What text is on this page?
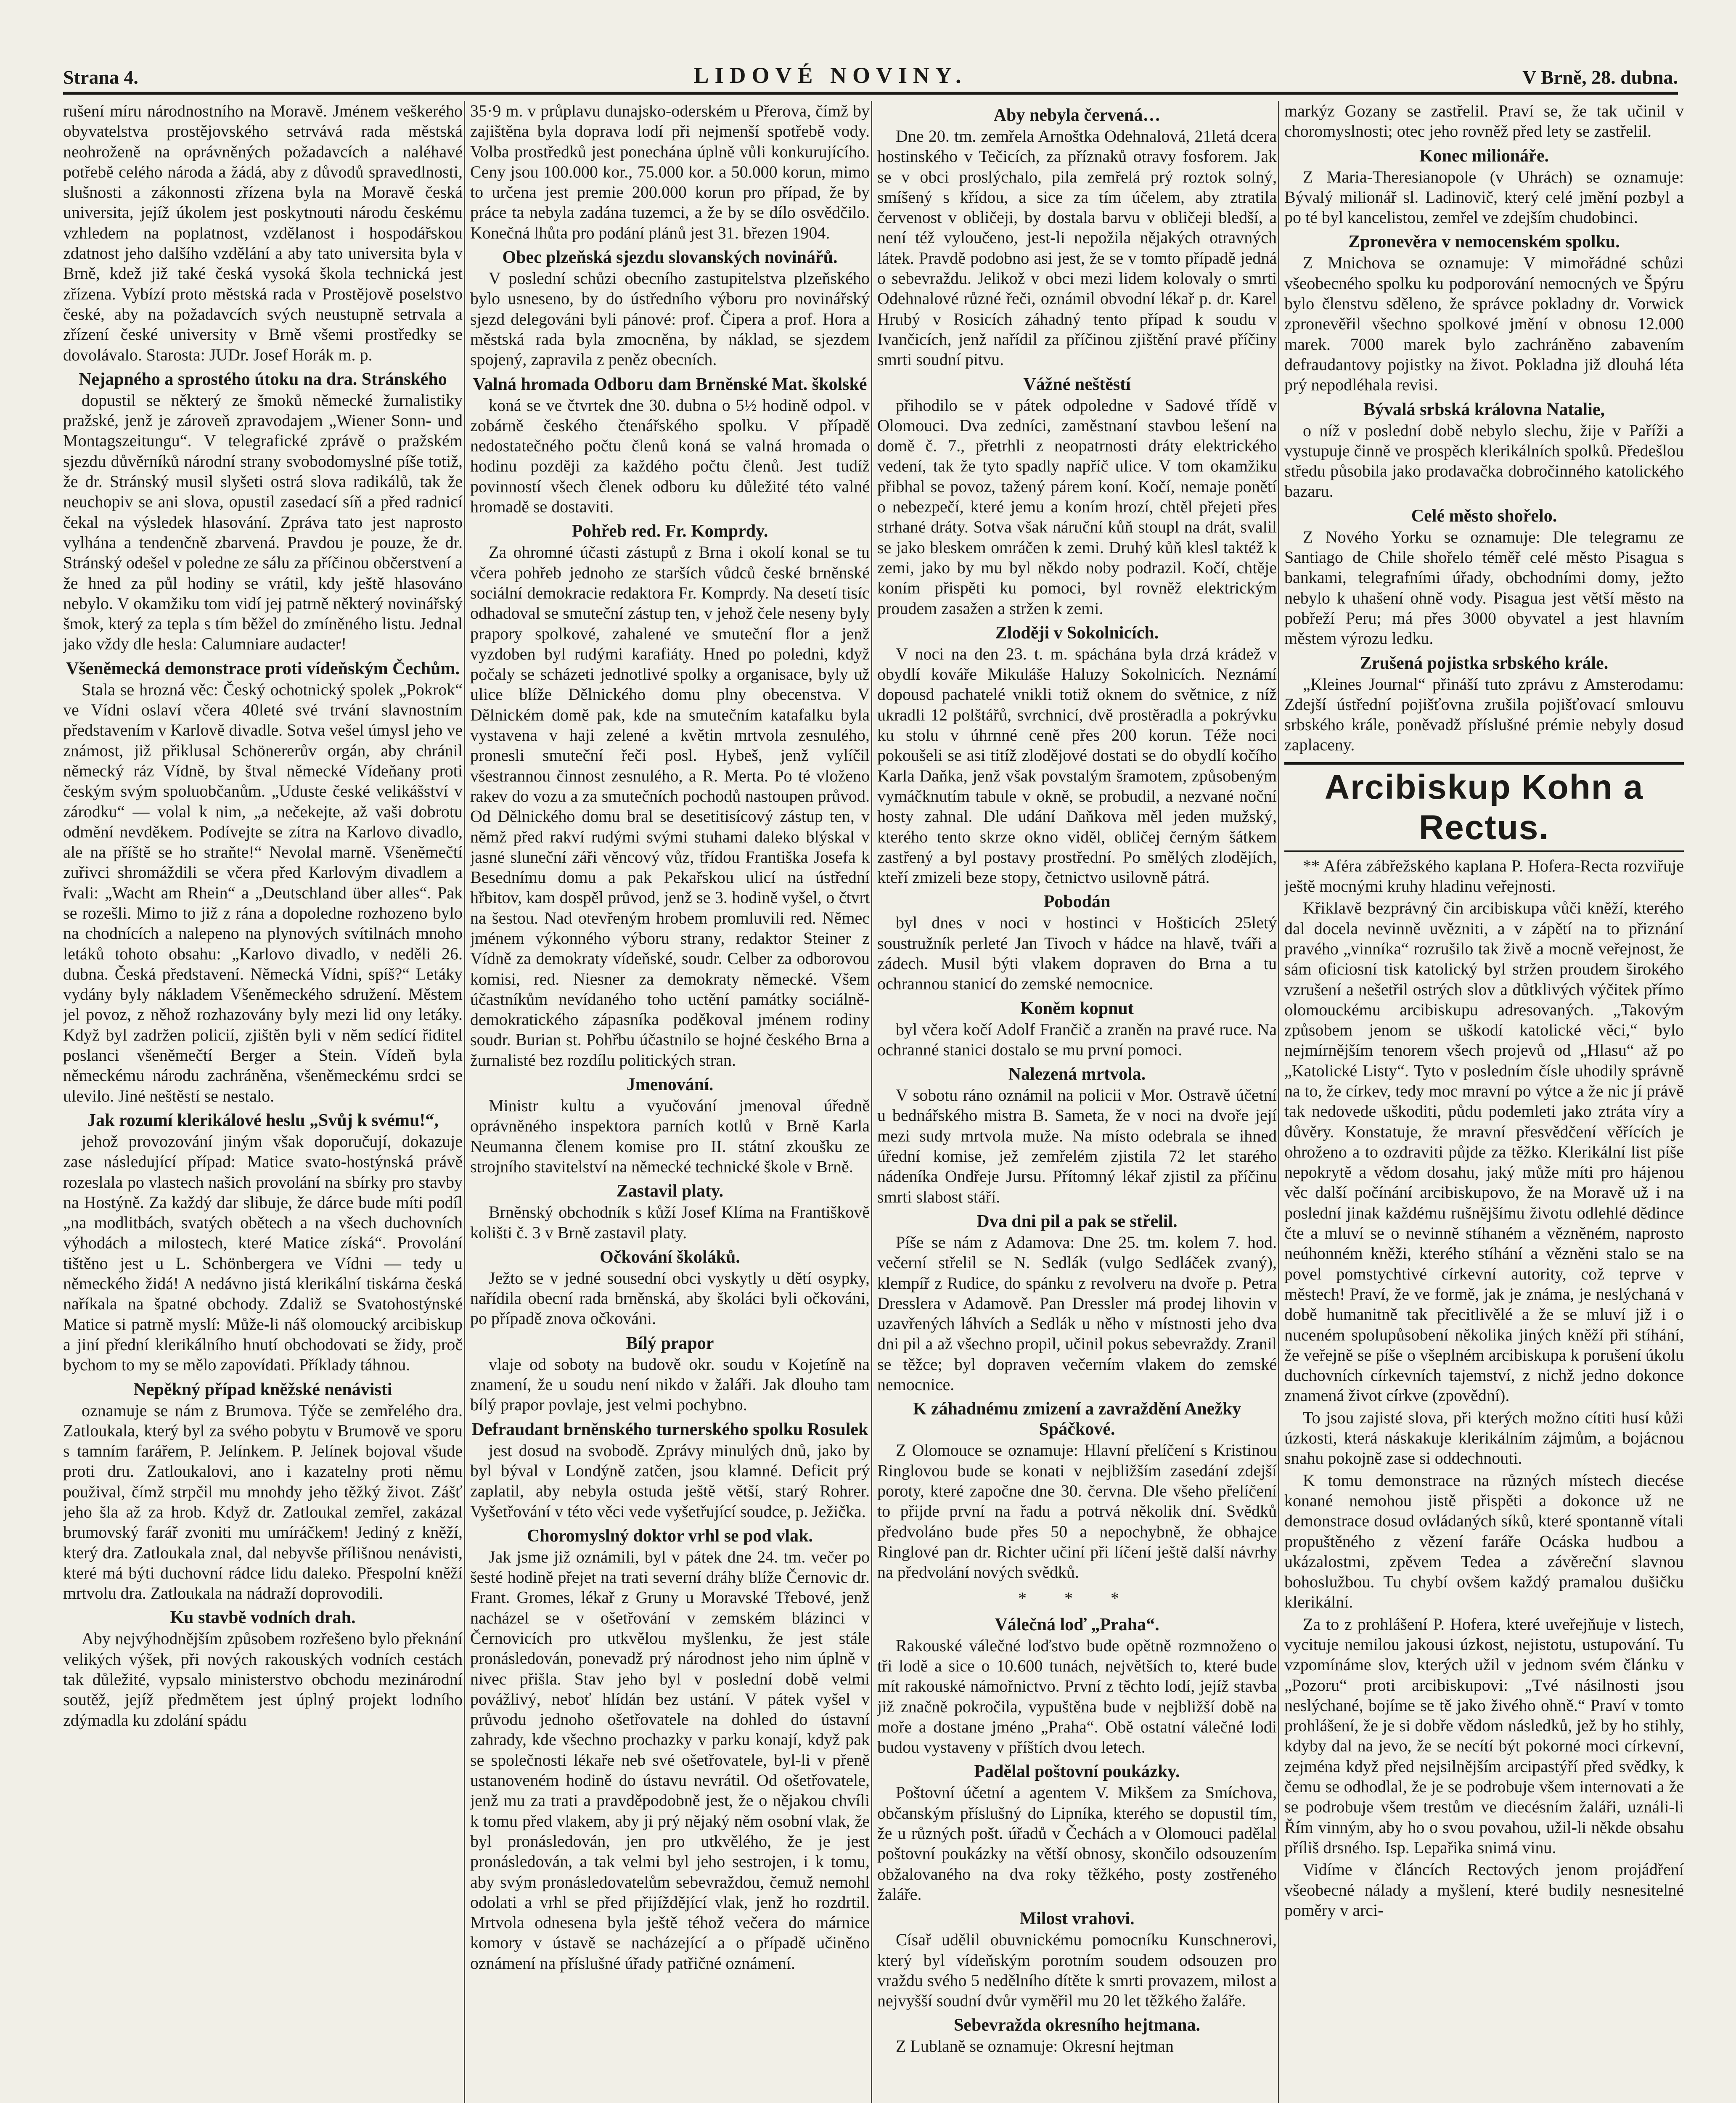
Strana 4.	LIDOVÉ NOVINY.	V Brně, 28. dubna.

rušení míru národnostního na Moravě. Jménem veškerého obyvatelstva prostějovského setrvává rada městská neohroženě na oprávněných požadavcích a naléhavé potřebě celého národa a žádá, aby z důvodů spravedlnosti, slušnosti a zákonnosti zřízena byla na Moravě česká universita, jejíž úkolem jest poskytnouti národu českému vzhledem na poplatnost, vzdělanost i hospodářskou zdatnost jeho dalšího vzdělání a aby tato universita byla v Brně, kdež již také česká vysoká škola technická jest zřízena. Vybízí proto městská rada v Prostějově poselstvo české, aby na požadavcích svých neustupně setrvala a zřízení české university v Brně všemi prostředky se dovolávalo. Starosta: JUDr. Josef Horák m. p.

Nejapného a sprostého útoku na dra. Stránského

dopustil se některý ze šmoků německé žurnalistiky pražské, jenž je zároveň zpravodajem „Wiener Sonn- und Montagszeitungu“. V telegrafické zprávě o pražském sjezdu důvěrníků národní strany svobodomyslné píše totiž, že dr. Stránský musil slyšeti ostrá slova radikálů, tak že neuchopiv se ani slova, opustil zasedací síň a před radnicí čekal na výsledek hlasování. Zpráva tato jest naprosto vylhána a tendenčně zbarvená. Pravdou je pouze, že dr. Stránský odešel v poledne ze sálu za příčinou občerstvení a že hned za půl hodiny se vrátil, kdy ještě hlasováno nebylo. V okamžiku tom vidí jej patrně některý novinářský šmok, který za tepla s tím běžel do zmíněného listu. Jednal jako vždy dle hesla: Calumniare audacter!

Všeněmecká demonstrace proti vídeňským Čechům.

Stala se hrozná věc: Český ochotnický spolek „Pokrok“ ve Vídni oslaví včera 40leté své trvání slavnostním představením v Karlově divadle. Sotva vešel úmysl jeho ve známost, již přiklusal Schönererův orgán, aby chránil německý ráz Vídně, by štval německé Vídeňany proti českým svým spoluobčanům. „Uduste české velikášství v zárodku“ — volal k nim, „a nečekejte, až vaši dobrotu odmění nevděkem. Podívejte se zítra na Karlovo divadlo, ale na příště se ho straňte!“ Nevolal marně. Všeněmečtí zuřivci shromáždili se včera před Karlovým divadlem a řvali: „Wacht am Rhein“ a „Deutschland über alles“. Pak se rozešli. Mimo to již z rána a dopoledne rozhozeno bylo na chodnících a nalepeno na plynových svítilnách mnoho letáků tohoto obsahu: „Karlovo divadlo, v neděli 26. dubna. Česká představení. Německá Vídni, spíš?“ Letáky vydány byly nákladem Všeněmeckého sdružení. Městem jel povoz, z něhož rozhazovány byly mezi lid ony letáky. Když byl zadržen policií, zjištěn byli v něm sedící řiditel poslanci všeněmečtí Berger a Stein. Vídeň byla německému národu zachráněna, všeněmeckému srdci se ulevilo. Jiné neštěstí se nestalo.

Jak rozumí klerikálové heslu „Svůj k svému!“,

jehož provozování jiným však doporučují, dokazuje zase následující případ: Matice svato-hostýnská právě rozeslala po vlastech našich provolání na sbírky pro stavby na Hostýně. Za každý dar slibuje, že dárce bude míti podíl „na modlitbách, svatých obětech a na všech duchovních výhodách a milostech, které Matice získá“. Provolání tištěno jest u L. Schönbergera ve Vídni — tedy u německého židá! A nedávno jistá klerikální tiskárna česká naříkala na špatné obchody. Zdaliž se Svatohostýnské Matice si patrně myslí: Může-li náš olomoucký arcibiskup a jiní přední klerikálního hnutí obchodovati se židy, proč bychom to my se mělo zapovídati. Příklady táhnou.

Nepěkný případ kněžské nenávisti

oznamuje se nám z Brumova. Týče se zemřelého dra. Zatloukala, který byl za svého pobytu v Brumově ve sporu s tamním farářem, P. Jelínkem. P. Jelínek bojoval všude proti dru. Zatloukalovi, ano i kazatelny proti němu použival, čímž strpčil mu mnohdy jeho těžký život. Zášť jeho šla až za hrob. Když dr. Zatloukal zemřel, zakázal brumovský farář zvoniti mu umíráčkem! Jediný z kněží, který dra. Zatloukala znal, dal nebyvše přílišnou nenávisti, které má býti duchovní rádce lidu daleko. Přespolní kněží mrtvolu dra. Zatloukala na nádraží doprovodili.

Ku stavbě vodních drah.

Aby nejvýhodnějším způsobem rozřešeno bylo překnání velikých výšek, při nových rakouských vodních cestách tak důležité, vypsalo ministerstvo obchodu mezinárodní soutěž, jejíž předmětem jest úplný projekt lodního zdýmadla ku zdolání spádu

35·9 m. v průplavu dunajsko-oderském u Přerova, čímž by zajištěna byla doprava lodí při nejmenší spotřebě vody. Volba prostředků jest ponechána úplně vůli konkurujícího. Ceny jsou 100.000 kor., 75.000 kor. a 50.000 korun, mimo to určena jest premie 200.000 korun pro případ, že by práce ta nebyla zadána tuzemci, a že by se dílo osvědčilo. Konečná lhůta pro podání plánů jest 31. březen 1904.

Obec plzeňská sjezdu slovanských novinářů.

V poslední schůzi obecního zastupitelstva plzeňského bylo usneseno, by do ústředního výboru pro novinářský sjezd delegováni byli pánové: prof. Čipera a prof. Hora a městská rada byla zmocněna, by náklad, se sjezdem spojený, zapravila z peněz obecních.

Valná hromada Odboru dam Brněnské Mat. školské

koná se ve čtvrtek dne 30. dubna o 5½ hodině odpol. v zobárně českého čtenářského spolku. V případě nedostatečného počtu členů koná se valná hromada o hodinu později za každého počtu členů. Jest tudíž povinností všech členek odboru ku důležité této valné hromadě se dostaviti.

Pohřeb red. Fr. Komprdy.

Za ohromné účasti zástupů z Brna i okolí konal se tu včera pohřeb jednoho ze starších vůdců české brněnské sociální demokracie redaktora Fr. Komprdy. Na desetí tisíc odhadoval se smuteční zástup ten, v jehož čele neseny byly prapory spolkové, zahalené ve smuteční flor a jenž vyzdoben byl rudými karafiáty. Hned po poledni, když počaly se scházeti jednotlivé spolky a organisace, byly už ulice blíže Dělnického domu plny obecenstva. V Dělnickém domě pak, kde na smutečním katafalku byla vystavena v haji zelené a květin mrtvola zesnulého, pronesli smuteční řeči posl. Hybeš, jenž vylíčil všestrannou činnost zesnulého, a R. Merta. Po té vloženo rakev do vozu a za smutečních pochodů nastoupen průvod. Od Dělnického domu bral se desetitisícový zástup ten, v němž před rakví rudými svými stuhami daleko blýskal v jasné sluneční záři věncový vůz, třídou Františka Josefa k Besednímu domu a pak Pekařskou ulicí na ústřední hřbitov, kam dospěl průvod, jenž se 3. hodině vyšel, o čtvrt na šestou. Nad otevřeným hrobem promluvili red. Němec jménem výkonného výboru strany, redaktor Steiner z Vídně za demokraty vídeňské, soudr. Celber za odborovou komisi, red. Niesner za demokraty německé. Všem účastníkům nevídaného toho uctění památky sociálně-demokratického zápasníka poděkoval jménem rodiny soudr. Burian st. Pohřbu účastnilo se hojné českého Brna a žurnalisté bez rozdílu politických stran.

Jmenování.

Ministr kultu a vyučování jmenoval úředně oprávněného inspektora parních kotlů v Brně Karla Neumanna členem komise pro II. státní zkoušku ze strojního stavitelství na německé technické škole v Brně.

Zastavil platy.

Brněnský obchodník s kůží Josef Klíma na Františkově kolišti č. 3 v Brně zastavil platy.

Očkování školáků.

Ježto se v jedné sousední obci vyskytly u dětí osypky, nařídila obecní rada brněnská, aby školáci byli očkováni, po případě znova očkováni.

Bílý prapor

vlaje od soboty na budově okr. soudu v Kojetíně na znamení, že u soudu není nikdo v žaláři. Jak dlouho tam bílý prapor povlaje, jest velmi pochybno.

Defraudant brněnského turnerského spolku Rosulek

jest dosud na svobodě. Zprávy minulých dnů, jako by byl býval v Londýně zatčen, jsou klamné. Deficit prý zaplatil, aby nebyla ostuda ještě větší, starý Rohrer. Vyšetřování v této věci vede vyšetřující soudce, p. Ježička.

Choromyslný doktor vrhl se pod vlak.

Jak jsme již oznámili, byl v pátek dne 24. tm. večer po šesté hodině přejet na trati severní dráhy blíže Černovic dr. Frant. Gromes, lékař z Gruny u Moravské Třebové, jenž nacházel se v ošetřování v zemském blázinci v Černovicích pro utkvělou myšlenku, že jest stále pronásledován, ponevadž prý národnost jeho nim úplně v nivec přišla. Stav jeho byl v poslední době velmi povážlivý, neboť hlídán bez ustání. V pátek vyšel v průvodu jednoho ošetřovatele na dohled do ústavní zahrady, kde všechno prochazky v parku konají, když pak se společnosti lékaře neb své ošetřovatele, byl-li v přeně ustanoveném hodině do ústavu nevrátil. Od ošetřovatele, jenž mu za trati a pravděpodobně jest, že o nějakou chvíli k tomu před vlakem, aby ji prý nějaký něm osobní vlak, že byl pronásledován, jen pro utkvělého, že je jest pronásledován, a tak velmi byl jeho sestrojen, i k tomu, aby svým pronásledovatelům sebevraždou, čemuž nemohl odolati a vrhl se před přijíždějící vlak, jenž ho rozdrtil. Mrtvola odnesena byla ještě téhož večera do márnice komory v ústavě se nacházející a o případě učiněno oznámení na příslušné úřady patřičné oznámení.

Aby nebyla červená…

Dne 20. tm. zemřela Arnoštka Odehnalová, 21letá dcera hostinského v Tečicích, za příznaků otravy fosforem. Jak se v obci proslýchalo, pila zemřelá prý roztok solný, smíšený s křídou, a sice za tím účelem, aby ztratila červenost v obličeji, by dostala barvu v obličeji bledší, a není též vyloučeno, jest-li nepožila nějakých otravných látek. Pravdě podobno asi jest, že se v tomto případě jedná o sebevraždu. Jelikož v obci mezi lidem kolovaly o smrti Odehnalové různé řeči, oznámil obvodní lékař p. dr. Karel Hrubý v Rosicích záhadný tento případ k soudu v Ivančicích, jenž nařídil za příčinou zjištění pravé příčiny smrti soudní pitvu.

Vážné neštěstí

přihodilo se v pátek odpoledne v Sadové třídě v Olomouci. Dva zedníci, zaměstnaní stavbou lešení na domě č. 7., přetrhli z neopatrnosti dráty elektrického vedení, tak že tyto spadly napříč ulice. V tom okamžiku přibhal se povoz, tažený párem koní. Kočí, nemaje ponětí o nebezpečí, které jemu a koním hrozí, chtěl přejeti přes strhané dráty. Sotva však náruční kůň stoupl na drát, svalil se jako bleskem omráčen k zemi. Druhý kůň klesl taktéž k zemi, jako by mu byl někdo noby podrazil. Kočí, chtěje koním přispěti ku pomoci, byl rovněž elektrickým proudem zasažen a stržen k zemi.

Zloději v Sokolnicích.

V noci na den 23. t. m. spáchána byla drzá krádež v obydlí kováře Mikuláše Haluzy Sokolnicích. Neznámí dopousd pachatelé vnikli totiž oknem do světnice, z níž ukradli 12 polštářů, svrchnicí, dvě prostěradla a pokrývku ku stolu v úhrnné ceně přes 200 korun. Téže noci pokoušeli se asi titíž zlodějové dostati se do obydlí kočího Karla Daňka, jenž však povstalým šramotem, způsobeným vymáčknutím tabule v okně, se probudil, a nezvané noční hosty zahnal. Dle udání Daňkova měl jeden mužský, kterého tento skrze okno viděl, obličej černým šátkem zastřený a byl postavy prostřední. Po smělých zlodějích, kteří zmizeli beze stopy, četnictvo usilovně pátrá.

Pobodán

byl dnes v noci v hostinci v Hošticích 25letý soustružník perleté Jan Tivoch v hádce na hlavě, tváři a zádech. Musil býti vlakem dopraven do Brna a tu ochrannou stanicí do zemské nemocnice.

Koněm kopnut

byl včera kočí Adolf Frančič a zraněn na pravé ruce. Na ochranné stanici dostalo se mu první pomoci.

Nalezená mrtvola.

V sobotu ráno oznámil na policii v Mor. Ostravě účetní u bednářského mistra B. Sameta, že v noci na dvoře její mezi sudy mrtvola muže. Na místo odebrala se ihned úřední komise, jež zemřelém zjistila 72 let starého nádeníka Ondřeje Jursu. Přítomný lékař zjistil za příčinu smrti slabost stáří.

Dva dni pil a pak se střelil.

Píše se nám z Adamova: Dne 25. tm. kolem 7. hod. večerní střelil se N. Sedlák (vulgo Sedláček zvaný), klempíř z Rudice, do spánku z revolveru na dvoře p. Petra Dresslera v Adamově. Pan Dressler má prodej lihovin v uzavřených láhvích a Sedlák u něho v místnosti jeho dva dni pil a až všechno propil, učinil pokus sebevraždy. Zranil se těžce; byl dopraven večerním vlakem do zemské nemocnice.

K záhadnému zmizení a zavraždění Anežky Spáčkové.

Z Olomouce se oznamuje: Hlavní přelíčení s Kristinou Ringlovou bude se konati v nejbližším zasedání zdejší poroty, které započne dne 30. června. Dle všeho přelíčení to přijde první na řadu a potrvá několik dní. Svědků předvoláno bude přes 50 a nepochybně, že obhajce Ringlové pan dr. Richter učiní při líčení ještě další návrhy na předvolání nových svědků.

* * *
Válečná loď „Praha“.

Rakouské válečné loďstvo bude opětně rozmnoženo o tři lodě a sice o 10.600 tunách, největších to, které bude mít rakouské námořnictvo. První z těchto lodí, jejíž stavba již značně pokročila, vypuštěna bude v nejbližší době na moře a dostane jméno „Praha“. Obě ostatní válečné lodi budou vystaveny v příštích dvou letech.

Padělal poštovní poukázky.

Poštovní účetní a agentem V. Mikšem za Smíchova, občanským příslušný do Lipníka, kterého se dopustil tím, že u různých pošt. úřadů v Čechách a v Olomouci padělal poštovní poukázky na větší obnosy, skončilo odsouzením obžalovaného na dva roky těžkého, posty zostřeného žaláře.

Milost vrahovi.

Císař udělil obuvnickému pomocníku Kunschnerovi, který byl vídeňským porotním soudem odsouzen pro vraždu svého 5 nedělního dítěte k smrti provazem, milost a nejvyšší soudní dvůr vyměřil mu 20 let těžkého žaláře.

Sebevražda okresního hejtmana.

Z Lublaně se oznamuje: Okresní hejtman

markýz Gozany se zastřelil. Praví se, že tak učinil v choromyslnosti; otec jeho rovněž před lety se zastřelil.

Konec milionáře.

Z Maria-Theresianopole (v Uhrách) se oznamuje: Bývalý milionář sl. Ladinovič, který celé jmění pozbyl a po té byl kancelistou, zemřel ve zdejším chudobinci.

Zpronevěra v nemocenském spolku.

Z Mnichova se oznamuje: V mimořádné schůzi všeobecného spolku ku podporování nemocných ve Špýru bylo členstvu sděleno, že správce pokladny dr. Vorwick zpronevěřil všechno spolkové jmění v obnosu 12.000 marek. 7000 marek bylo zachráněno zabavením defraudantovy pojistky na život. Pokladna již dlouhá léta prý nepodléhala revisi.

Bývalá srbská královna Natalie,

o níž v poslední době nebylo slechu, žije v Paříži a vystupuje činně ve prospěch klerikálních spolků. Předešlou středu působila jako prodavačka dobročinného katolického bazaru.

Celé město shořelo.

Z Nového Yorku se oznamuje: Dle telegramu ze Santiago de Chile shořelo téměř celé město Pisagua s bankami, telegrafními úřady, obchodními domy, ježto nebylo k uhašení ohně vody. Pisagua jest větší město na pobřeží Peru; má přes 3000 obyvatel a jest hlavním městem výrozu ledku.

Zrušená pojistka srbského krále.

„Kleines Journal“ přináší tuto zprávu z Amsterodamu: Zdejší ústřední pojišťovna zrušila pojišťovací smlouvu srbského krále, poněvadž příslušné prémie nebyly dosud zaplaceny.

Arcibiskup Kohn a Rectus.

** Aféra zábřežského kaplana P. Hofera-Recta rozviřuje ještě mocnými kruhy hladinu veřejnosti.

Křiklavě bezprávný čin arcibiskupa vůči kněží, kterého dal docela nevinně uvězniti, a v zápětí na to přiznání pravého „vinníka“ rozrušilo tak živě a mocně veřejnost, že sám oficiosní tisk katolický byl stržen proudem širokého vzrušení a nešetřil ostrých slov a důtklivých výčitek přímo olomouckému arcibiskupu adresovaných. „Takovým způsobem jenom se uškodí katolické věci,“ bylo nejmírnějším tenorem všech projevů od „Hlasu“ až po „Katolické Listy“. Tyto v posledním čísle uhodily správně na to, že církev, tedy moc mravní po výtce a že nic jí právě tak nedovede uškoditi, půdu podemleti jako ztráta víry a důvěry. Konstatuje, že mravní přesvědčení věřících je ohroženo a to ozdraviti půjde za těžko. Klerikální list píše nepokrytě a vědom dosahu, jaký může míti pro hájenou věc další počínání arcibiskupovo, že na Moravě už i na poslední jinak každému rušnějšímu životu odlehlé dědince čte a mluví se o nevinně stíhaném a vězněném, naprosto neúhonném kněži, kterého stíhání a vězněni stalo se na povel pomstychtivé církevní autority, což teprve v městech! Praví, že ve formě, jak je známa, je neslýchaná v době humanitně tak přecitlivělé a že se mluví již i o nuceném spolupůsobení několika jiných kněží při stíhání, že veřejně se píše o všeplném arcibiskupa k porušení úkolu duchovních církevních tajemství, z nichž jedno dokonce znamená život církve (zpovědní).

To jsou zajisté slova, při kterých možno cítiti husí kůži úzkosti, která náskakuje klerikálním zájmům, a bojácnou snahu pokojně zase si oddechnouti.

K tomu demonstrace na různých místech diecése konané nemohou jistě přispěti a dokonce už ne demonstrace dosud ovládaných síků, které spontanně vítali propuštěného z vězení faráře Ocáska hudbou a ukázalostmi, zpěvem Tedea a závěreční slavnou bohoslužbou. Tu chybí ovšem každý pramalou dušičku klerikální.

Za to z prohlášení P. Hofera, které uveřejňuje v listech, vycituje nemilou jakousi úzkost, nejistotu, ustupování. Tu vzpomínáme slov, kterých užil v jednom svém článku v „Pozoru“ proti arcibiskupovi: „Tvé násilnosti jsou neslýchané, bojíme se tě jako živého ohně.“ Praví v tomto prohlášení, že je si dobře vědom následků, jež by ho stihly, kdyby dal na jevo, že se necítí být pokorné moci církevní, zejména když před nejsilnějším arcipastýří před svědky, k čemu se odhodlal, že je se podrobuje všem internovati a že se podrobuje všem trestům ve diecésním žaláři, uználi-li Řím vinným, aby ho o svou povahou, užil-li někde obsahu příliš drsného. Isp. Lepařika snimá vinu.

Vidíme v článcích Rectových jenom projádření všeobecné nálady a myšlení, které budily nesnesitelné poměry v arci-
